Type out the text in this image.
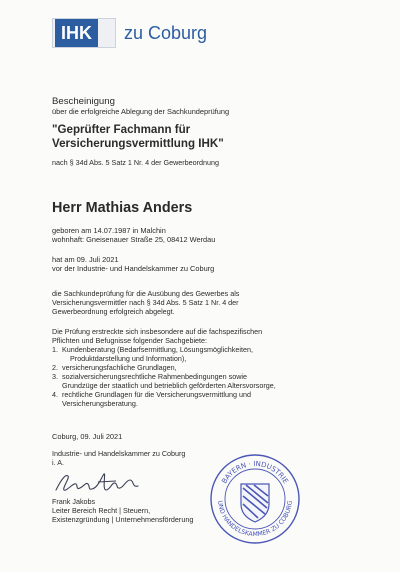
IHK	zu Coburg
Bescheinigung
über die erfolgreiche Ablegung der Sachkundeprüfung
"Geprüfter Fachmann für
Versicherungsvermittlung IHK"
nach § 34d Abs. 5 Satz 1 Nr. 4 der Gewerbeordnung
Herr Mathias Anders
geboren am 14.07.1987 in Malchin
wohnhaft: Gneisenauer Straße 25, 08412 Werdau
hat am 09. Juli 2021
vor der Industrie- und Handelskammer zu Coburg
die Sachkundeprüfung für die Ausübung des Gewerbes als
Versicherungsvermittler nach § 34d Abs. 5 Satz 1 Nr. 4 der
Gewerbeordnung erfolgreich abgelegt.
Die Prüfung erstreckte sich insbesondere auf die fachspezifischen
Pflichten und Befugnisse folgender Sachgebiete:
1. Kundenberatung (Bedarfsermittlung, Lösungsmöglichkeiten,
Produktdarstellung und Information),
2. versicherungsfachliche Grundlagen,
3. sozialversicherungsrechtliche Rahmenbedingungen sowie
Grundzüge der staatlich und betrieblich geförderten Altersvorsorge,
4. rechtliche Grundlagen für die Versicherungsvermittlung und
Versicherungsberatung.
Coburg, 09. Juli 2021
Industrie- und Handelskammer zu Coburg
i. A.
Frank Jakobs
Leiter Bereich Recht | Steuern,
Existenzgründung | Unternehmensförderung
BAYERN · INDUSTRIE
UND HANDELSKAMMER ZU COBURG
